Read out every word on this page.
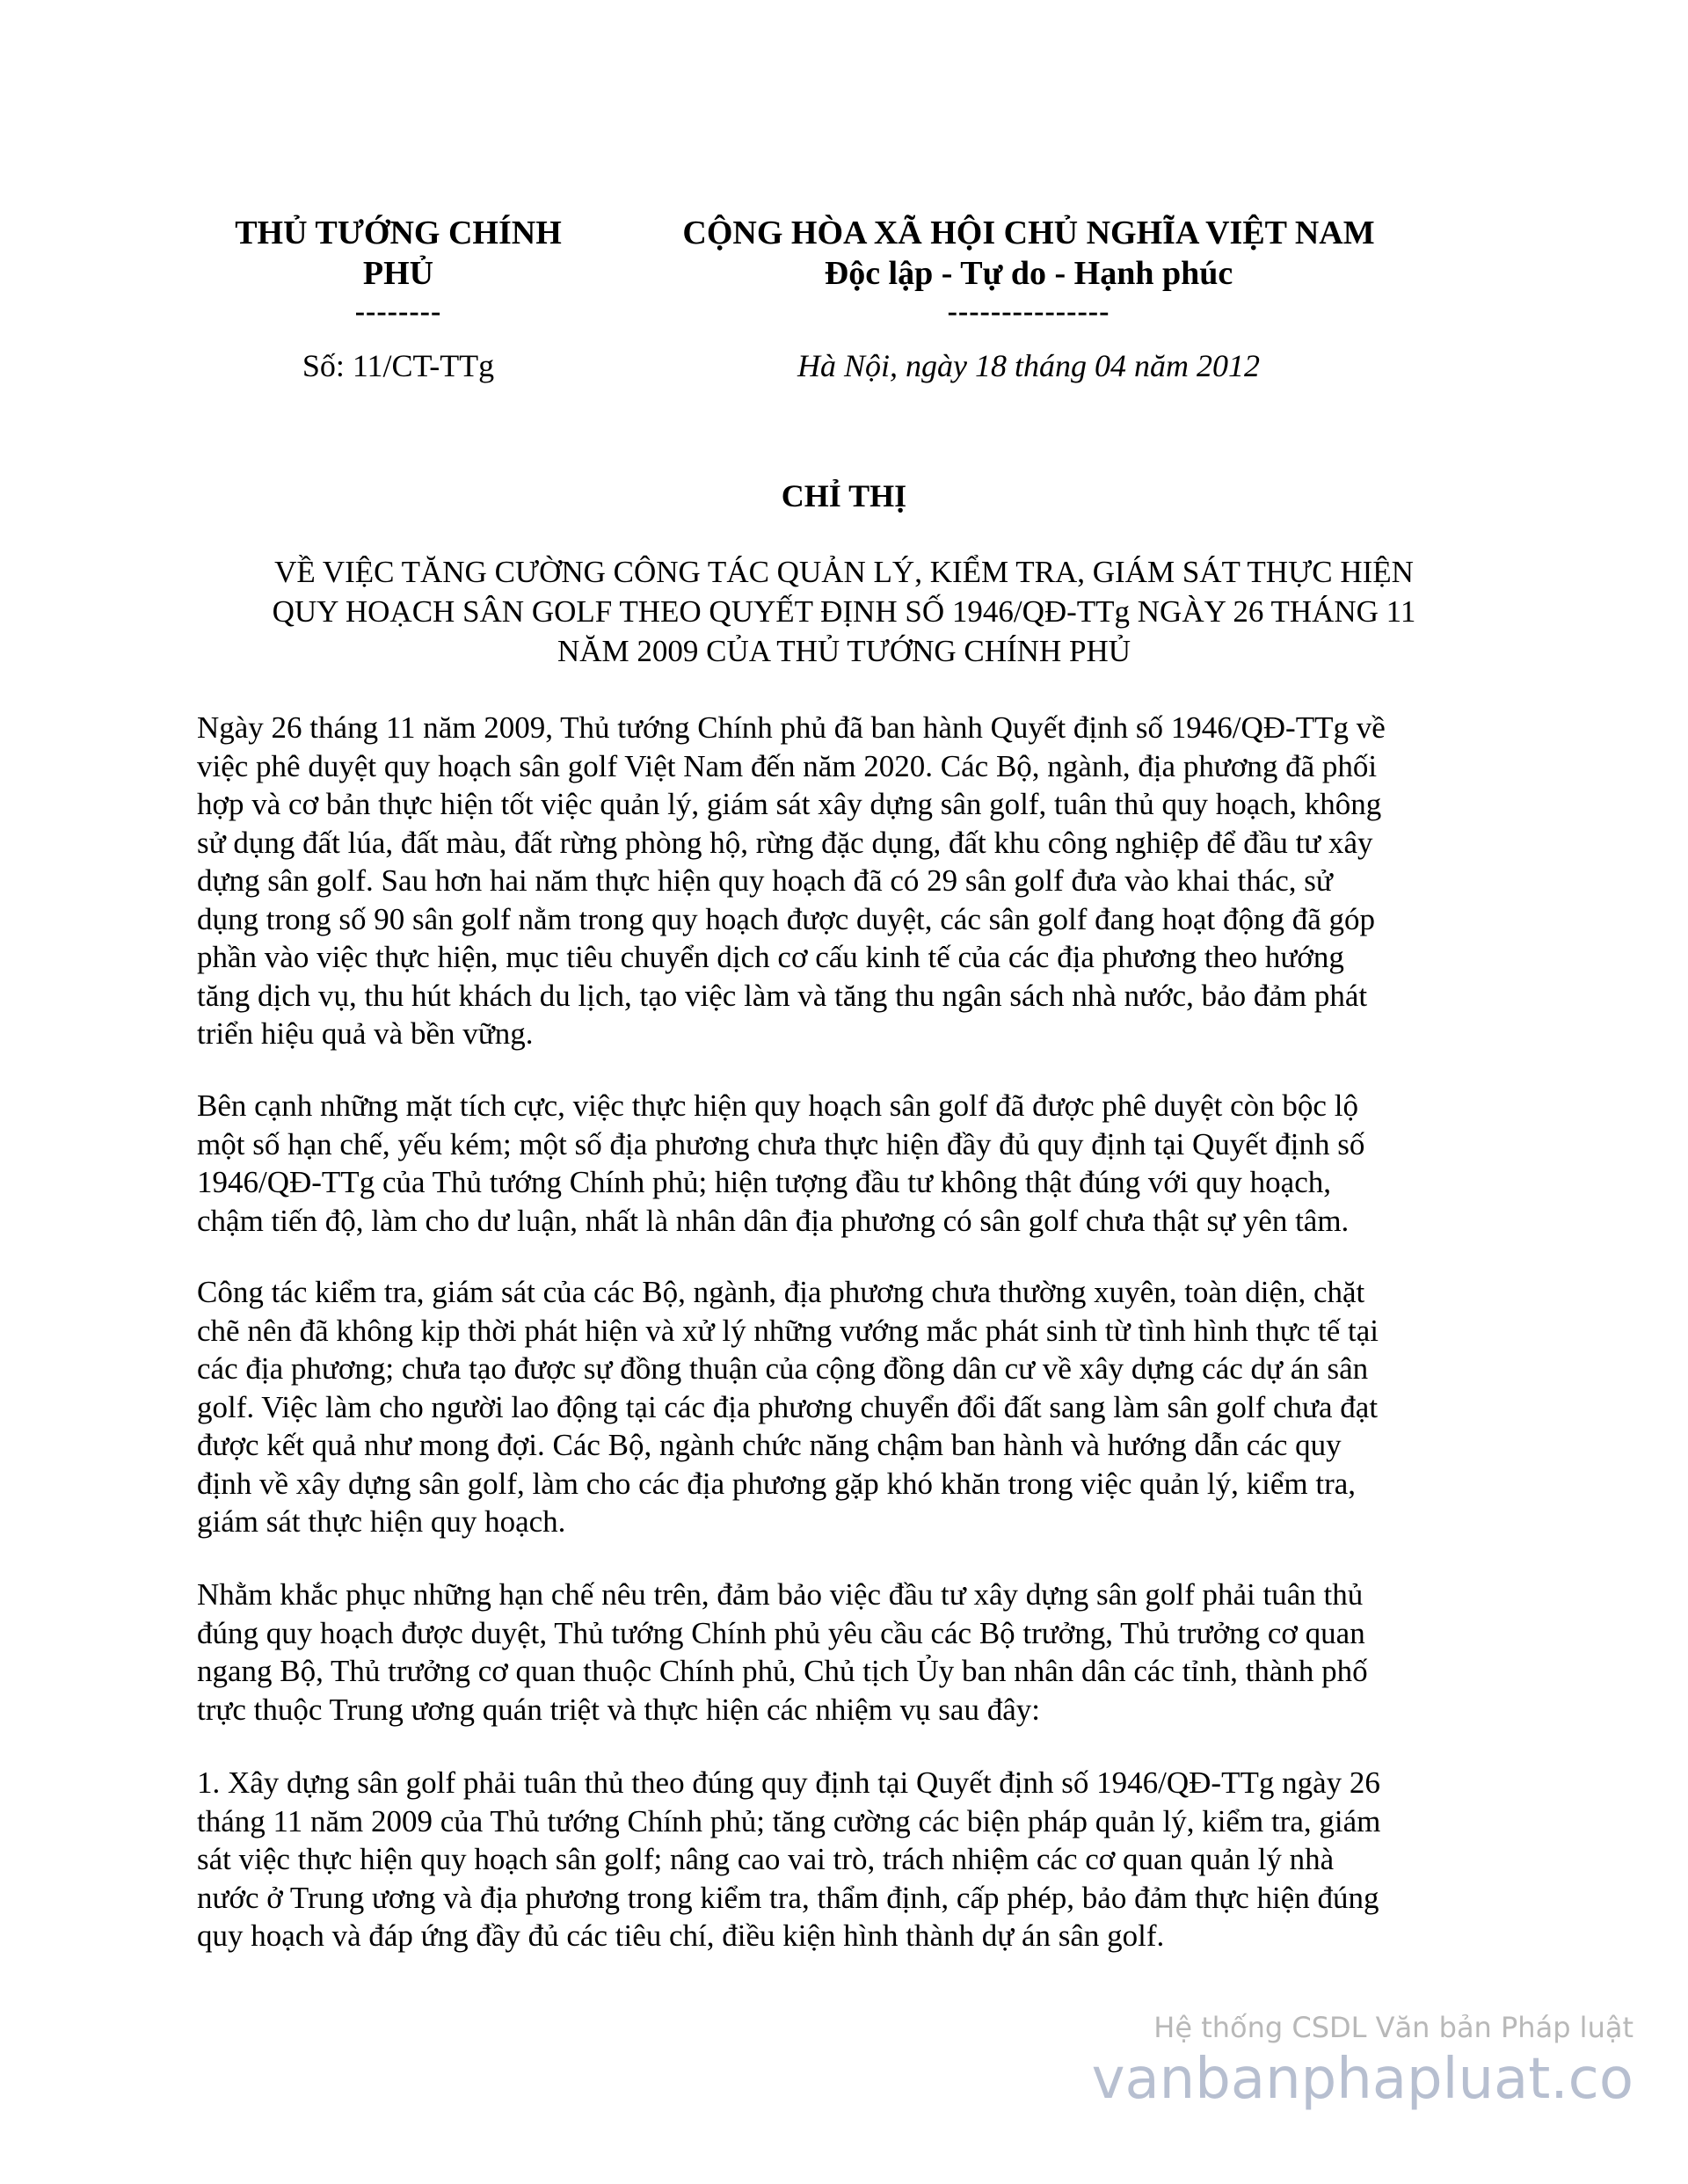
THỦ TƯỚNG CHÍNH
PHỦ
--------
CỘNG HÒA XÃ HỘI CHỦ NGHĨA VIỆT NAM
Độc lập - Tự do - Hạnh phúc
---------------
Số: 11/CT-TTg	Hà Nội, ngày 18 tháng 04 năm 2012
CHỈ THỊ
VỀ VIỆC TĂNG CƯỜNG CÔNG TÁC QUẢN LÝ, KIỂM TRA, GIÁM SÁT THỰC HIỆN
QUY HOẠCH SÂN GOLF THEO QUYẾT ĐỊNH SỐ 1946/QĐ-TTg NGÀY 26 THÁNG 11
NĂM 2009 CỦA THỦ TƯỚNG CHÍNH PHỦ
Ngày 26 tháng 11 năm 2009, Thủ tướng Chính phủ đã ban hành Quyết định số 1946/QĐ-TTg về
việc phê duyệt quy hoạch sân golf Việt Nam đến năm 2020. Các Bộ, ngành, địa phương đã phối
hợp và cơ bản thực hiện tốt việc quản lý, giám sát xây dựng sân golf, tuân thủ quy hoạch, không
sử dụng đất lúa, đất màu, đất rừng phòng hộ, rừng đặc dụng, đất khu công nghiệp để đầu tư xây
dựng sân golf. Sau hơn hai năm thực hiện quy hoạch đã có 29 sân golf đưa vào khai thác, sử
dụng trong số 90 sân golf nằm trong quy hoạch được duyệt, các sân golf đang hoạt động đã góp
phần vào việc thực hiện, mục tiêu chuyển dịch cơ cấu kinh tế của các địa phương theo hướng
tăng dịch vụ, thu hút khách du lịch, tạo việc làm và tăng thu ngân sách nhà nước, bảo đảm phát
triển hiệu quả và bền vững.
Bên cạnh những mặt tích cực, việc thực hiện quy hoạch sân golf đã được phê duyệt còn bộc lộ
một số hạn chế, yếu kém; một số địa phương chưa thực hiện đầy đủ quy định tại Quyết định số
1946/QĐ-TTg của Thủ tướng Chính phủ; hiện tượng đầu tư không thật đúng với quy hoạch,
chậm tiến độ, làm cho dư luận, nhất là nhân dân địa phương có sân golf chưa thật sự yên tâm.
Công tác kiểm tra, giám sát của các Bộ, ngành, địa phương chưa thường xuyên, toàn diện, chặt
chẽ nên đã không kịp thời phát hiện và xử lý những vướng mắc phát sinh từ tình hình thực tế tại
các địa phương; chưa tạo được sự đồng thuận của cộng đồng dân cư về xây dựng các dự án sân
golf. Việc làm cho người lao động tại các địa phương chuyển đổi đất sang làm sân golf chưa đạt
được kết quả như mong đợi. Các Bộ, ngành chức năng chậm ban hành và hướng dẫn các quy
định về xây dựng sân golf, làm cho các địa phương gặp khó khăn trong việc quản lý, kiểm tra,
giám sát thực hiện quy hoạch.
Nhằm khắc phục những hạn chế nêu trên, đảm bảo việc đầu tư xây dựng sân golf phải tuân thủ
đúng quy hoạch được duyệt, Thủ tướng Chính phủ yêu cầu các Bộ trưởng, Thủ trưởng cơ quan
ngang Bộ, Thủ trưởng cơ quan thuộc Chính phủ, Chủ tịch Ủy ban nhân dân các tỉnh, thành phố
trực thuộc Trung ương quán triệt và thực hiện các nhiệm vụ sau đây:
1. Xây dựng sân golf phải tuân thủ theo đúng quy định tại Quyết định số 1946/QĐ-TTg ngày 26
tháng 11 năm 2009 của Thủ tướng Chính phủ; tăng cường các biện pháp quản lý, kiểm tra, giám
sát việc thực hiện quy hoạch sân golf; nâng cao vai trò, trách nhiệm các cơ quan quản lý nhà
nước ở Trung ương và địa phương trong kiểm tra, thẩm định, cấp phép, bảo đảm thực hiện đúng
quy hoạch và đáp ứng đầy đủ các tiêu chí, điều kiện hình thành dự án sân golf.
Hệ thống CSDL Văn bản Pháp luật
vanbanphapluat.co
